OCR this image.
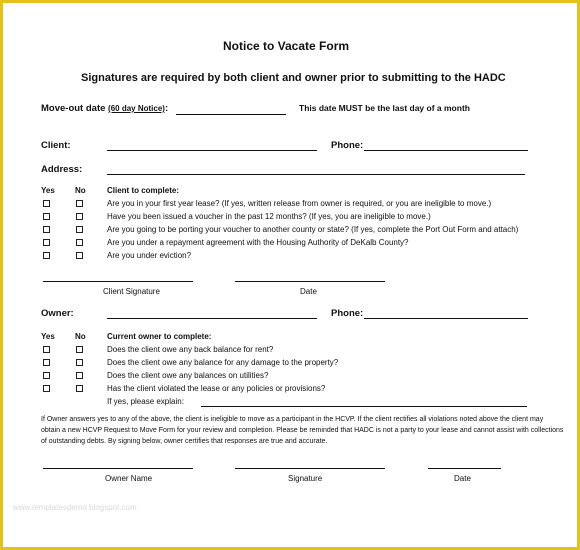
Notice to Vacate Form
Signatures are required by both client and owner prior to submitting to the HADC
Move-out date (60 day Notice):	This date MUST be the last day of a month
Client:	Phone:
Address:
Yes	No	Client to complete:
Are you in your first year lease? (If yes, written release from owner is required, or you are ineligible to move.)
Have you been issued a voucher in the past 12 months? (If yes, you are ineligible to move.)
Are you going to be porting your voucher to another county or state? (If yes, complete the Port Out Form and attach)
Are you under a repayment agreement with the Housing Authority of DeKalb County?
Are you under eviction?
Client Signature	Date
Owner:	Phone:
Yes	No	Current owner to complete:
Does the client owe any back balance for rent?
Does the client owe any balance for any damage to the property?
Does the client owe any balances on utilities?
Has the client violated the lease or any policies or provisions?
If yes, please explain:
If Owner answers yes to any of the above, the client is ineligible to move as a participant in the HCVP. If the client rectifies all violations noted above the client may
obtain a new HCVP Request to Move Form for your review and completion. Please be reminded that HADC is not a party to your lease and cannot assist with collections
of outstanding debts. By signing below, owner certifies that responses are true and accurate.
Owner Name	Signature	Date
www.templatesdemo.blogspot.com
